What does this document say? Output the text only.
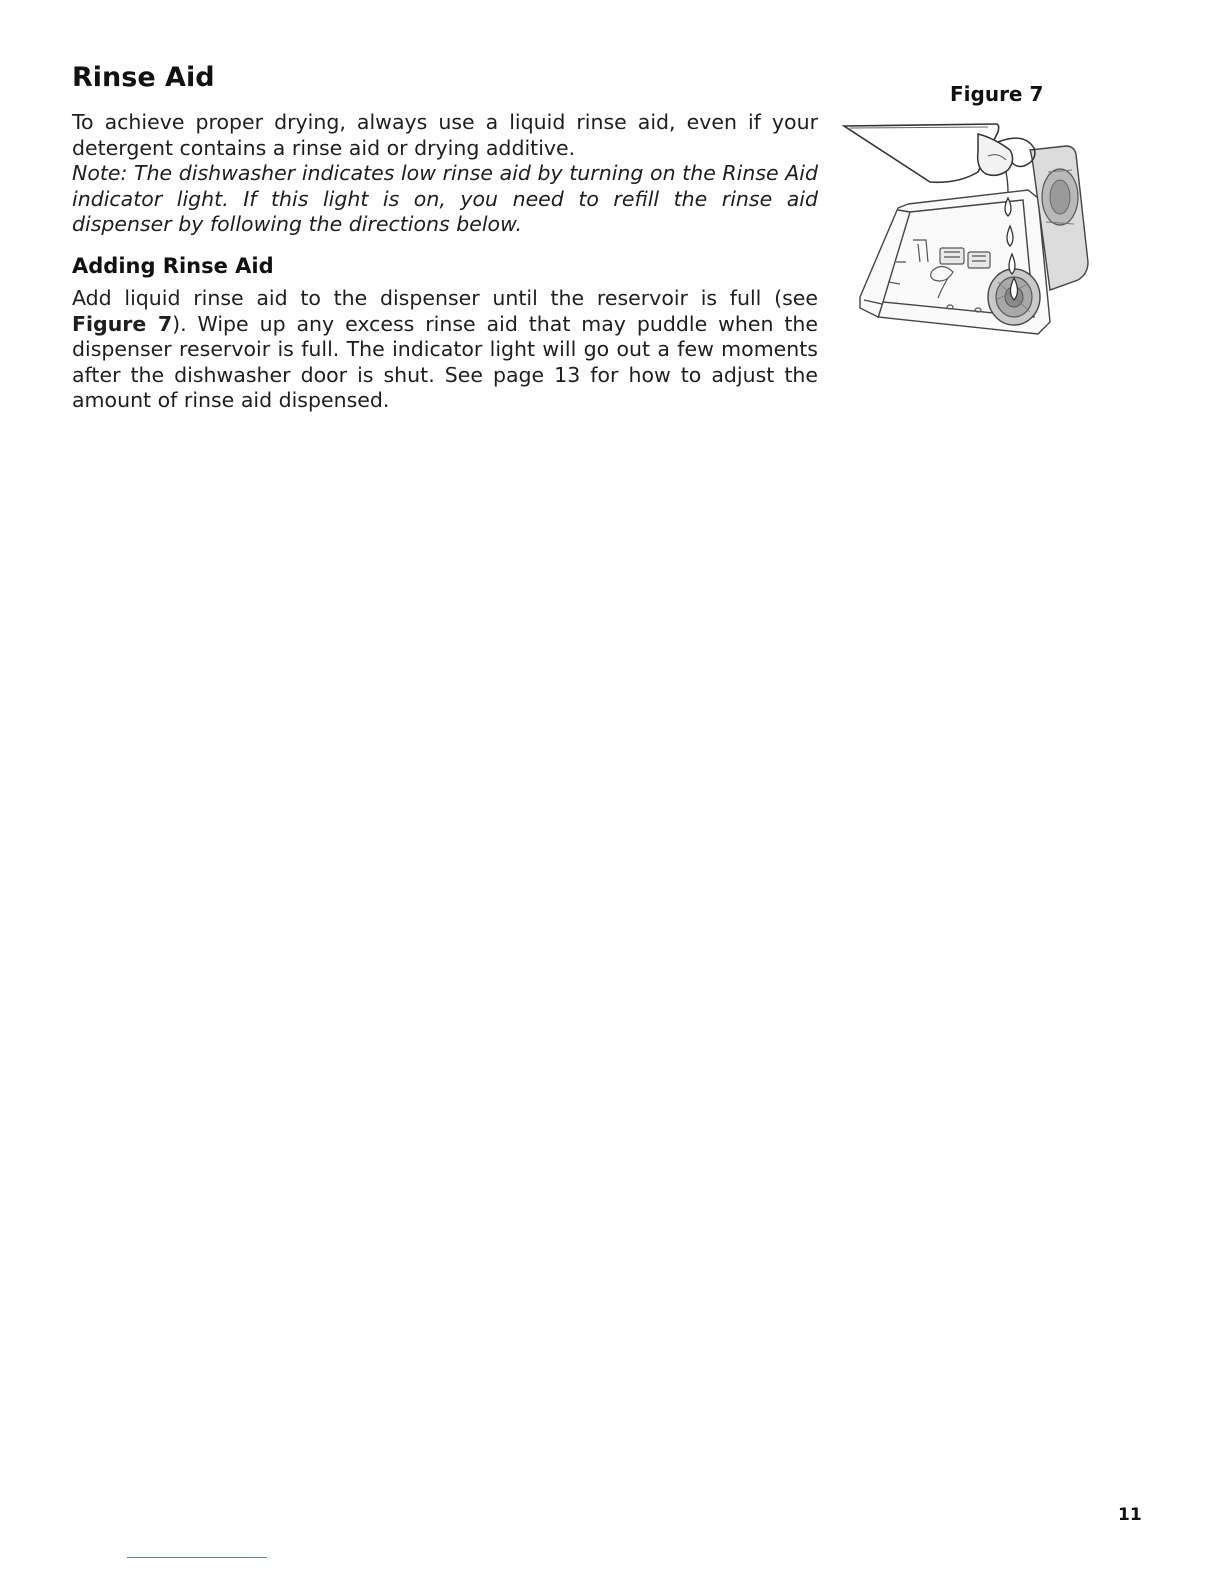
Rinse Aid

To achieve proper drying, always use a liquid rinse aid, even if your detergent contains a rinse aid or drying additive.

Note: The dishwasher indicates low rinse aid by turning on the Rinse Aid indicator light. If this light is on, you need to refill the rinse aid dispenser by following the directions below.

Adding Rinse Aid

Add liquid rinse aid to the dispenser until the reservoir is full (see Figure 7). Wipe up any excess rinse aid that may puddle when the dispenser reservoir is full. The indicator light will go out a few moments after the dishwasher door is shut. See page 13 for how to adjust the amount of rinse aid dispensed.

Figure 7
11
